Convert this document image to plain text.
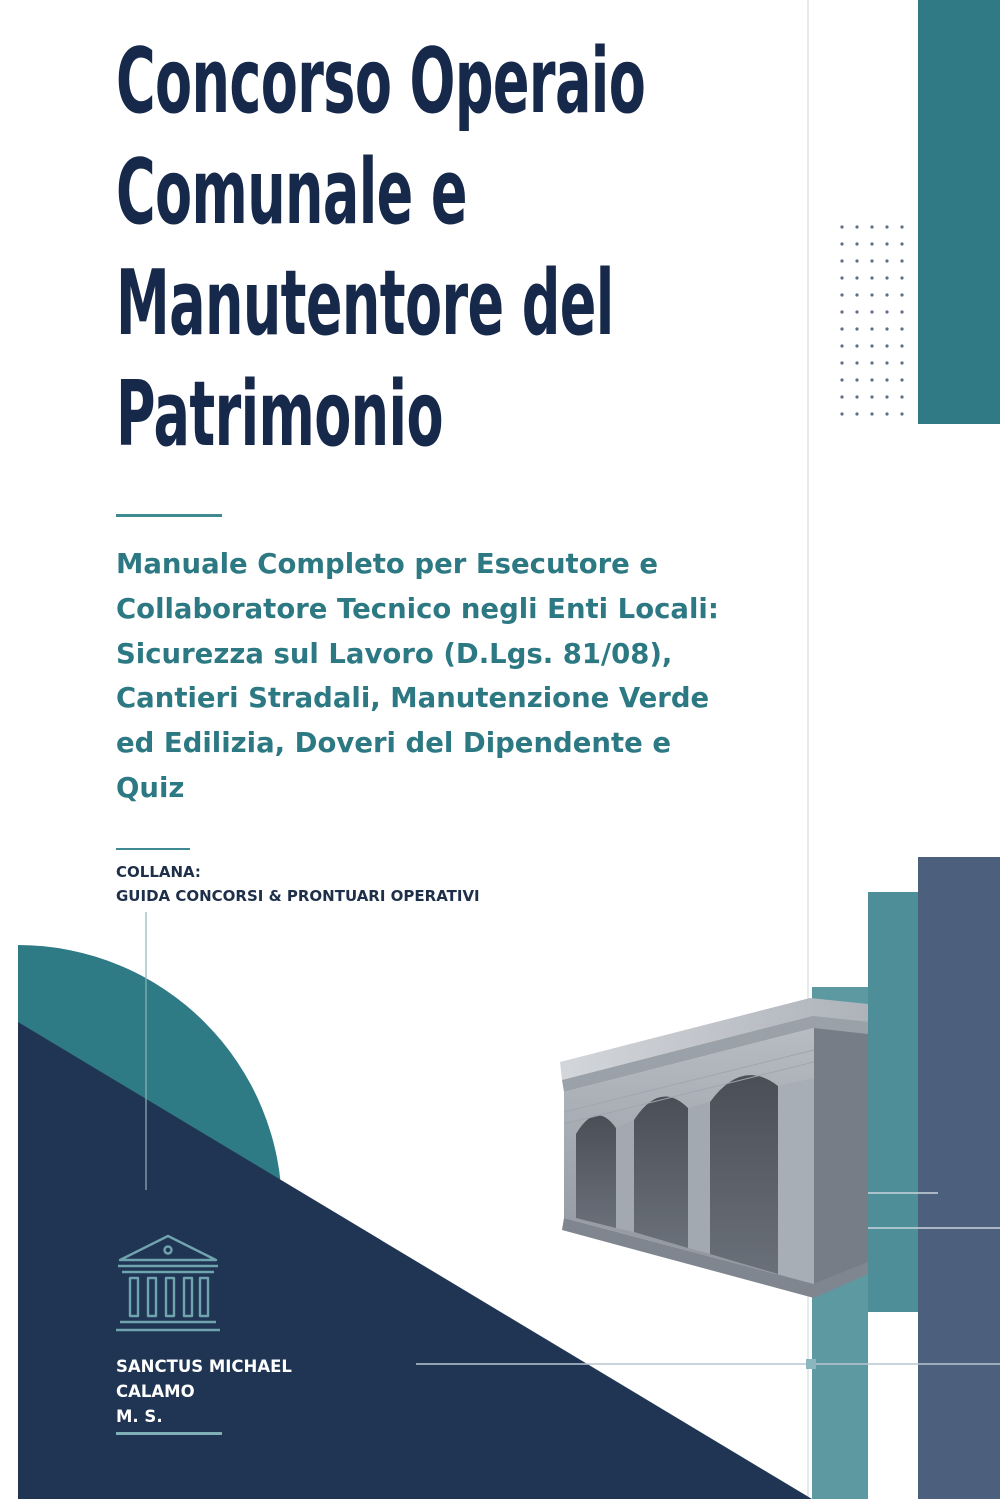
Concorso Operaio
Comunale e
Manutentore del
Patrimonio
Manuale Completo per Esecutore e
Collaboratore Tecnico negli Enti Locali:
Sicurezza sul Lavoro (D.Lgs. 81/08),
Cantieri Stradali, Manutenzione Verde
ed Edilizia, Doveri del Dipendente e
Quiz
COLLANA:
GUIDA CONCORSI & PRONTUARI OPERATIVI
SANCTUS MICHAEL
CALAMO
M. S.
